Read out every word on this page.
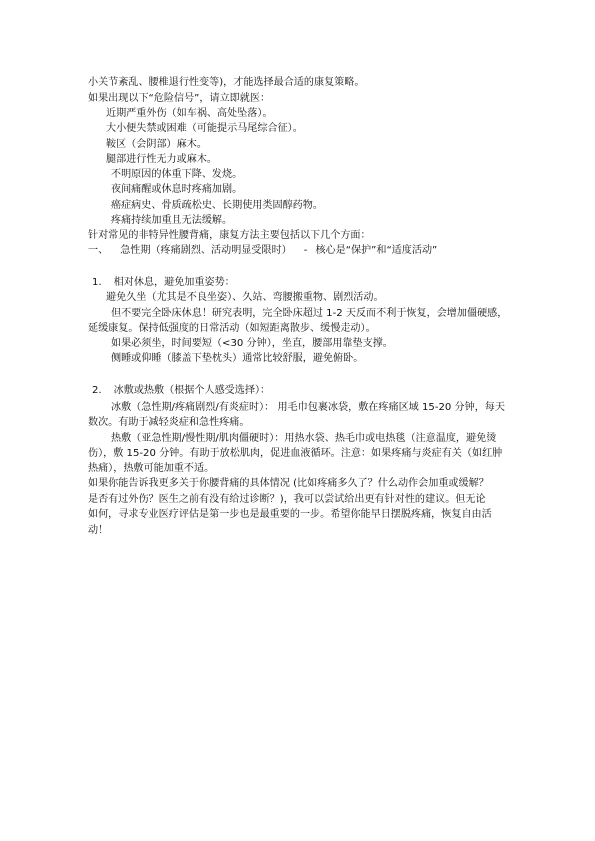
小关节紊乱、腰椎退行性变等)，才能选择最合适的康复策略。
如果出现以下“危险信号”，请立即就医：
近期严重外伤（如车祸、高处坠落）。
大小便失禁或困难（可能提示马尾综合征）。
鞍区（会阴部）麻木。
腿部进行性无力或麻木。
不明原因的体重下降、发烧。
夜间痛醒或休息时疼痛加剧。
癌症病史、骨质疏松史、长期使用类固醇药物。
疼痛持续加重且无法缓解。
针对常见的非特异性腰背痛，康复方法主要包括以下几个方面：
一、 急性期（疼痛剧烈、活动明显受限时） - 核心是“保护”和“适度活动”
1. 相对休息，避免加重姿势：
避免久坐（尤其是不良坐姿）、久站、弯腰搬重物、剧烈活动。
但不要完全卧床休息！研究表明，完全卧床超过 1-2 天反而不利于恢复，会增加僵硬感，
延缓康复。保持低强度的日常活动（如短距离散步、缓慢走动）。
如果必须坐，时间要短（<30 分钟），坐直，腰部用靠垫支撑。
侧睡或仰睡（膝盖下垫枕头）通常比较舒服，避免俯卧。
2. 冰敷或热敷（根据个人感受选择）：
冰敷（急性期/疼痛剧烈/有炎症时）： 用毛巾包裹冰袋，敷在疼痛区域 15-20 分钟，每天
数次。有助于减轻炎症和急性疼痛。
热敷（亚急性期/慢性期/肌肉僵硬时）：用热水袋、热毛巾或电热毯（注意温度，避免烫
伤），敷 15-20 分钟。有助于放松肌肉，促进血液循环。注意：如果疼痛与炎症有关（如红肿
热痛），热敷可能加重不适。
如果你能告诉我更多关于你腰背痛的具体情况 (比如疼痛多久了？什么动作会加重或缓解？
是否有过外伤？医生之前有没有给过诊断？)，我可以尝试给出更有针对性的建议。但无论
如何，寻求专业医疗评估是第一步也是最重要的一步。希望你能早日摆脱疼痛，恢复自由活
动！
